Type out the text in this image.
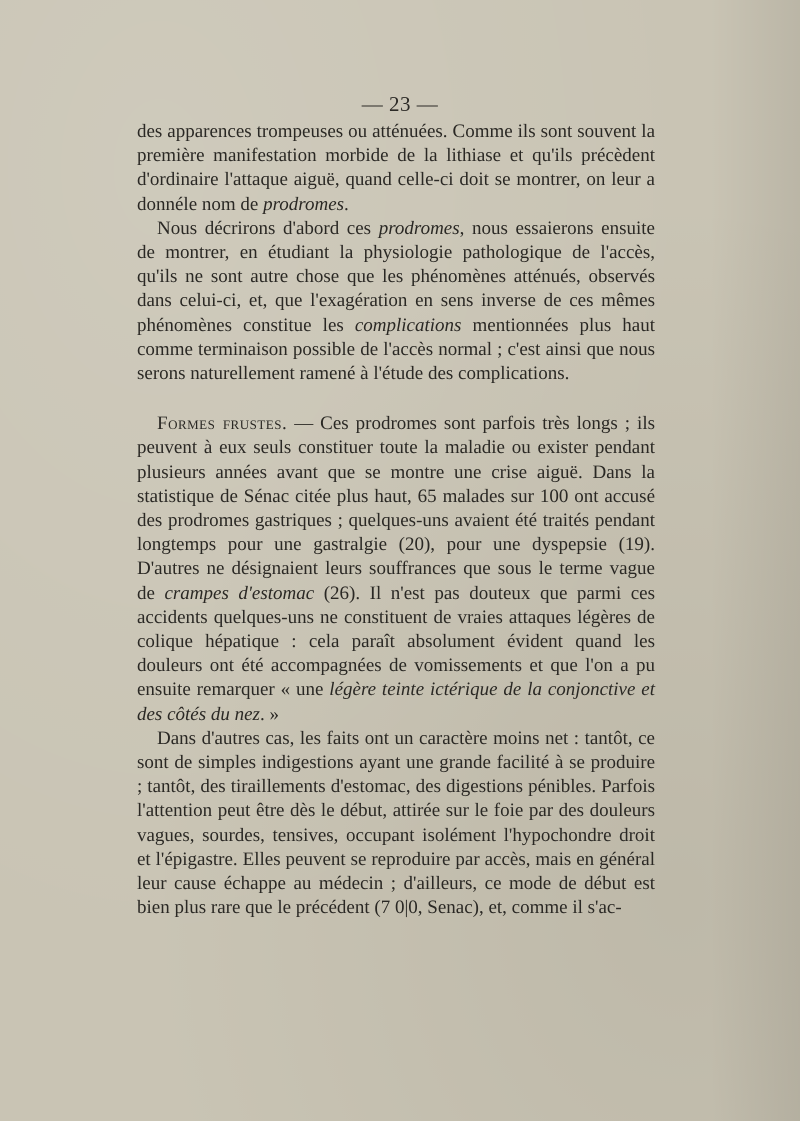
— 23 —

des apparences trompeuses ou atténuées. Comme ils sont souvent la première manifestation morbide de la lithiase et qu'ils précèdent d'ordinaire l'attaque aiguë, quand celle-ci doit se montrer, on leur a donnéle nom de prodromes.

Nous décrirons d'abord ces prodromes, nous essaierons ensuite de montrer, en étudiant la physiologie pathologique de l'accès, qu'ils ne sont autre chose que les phénomènes atténués, observés dans celui-ci, et, que l'exagération en sens inverse de ces mêmes phénomènes constitue les complications mentionnées plus haut comme terminaison possible de l'accès normal ; c'est ainsi que nous serons naturellement ramené à l'étude des complications.

Formes frustes. — Ces prodromes sont parfois très longs ; ils peuvent à eux seuls constituer toute la maladie ou exister pendant plusieurs années avant que se montre une crise aiguë. Dans la statistique de Sénac citée plus haut, 65 malades sur 100 ont accusé des prodromes gastriques ; quelques-uns avaient été traités pendant longtemps pour une gastralgie (20), pour une dyspepsie (19). D'autres ne désignaient leurs souffrances que sous le terme vague de crampes d'estomac (26). Il n'est pas douteux que parmi ces accidents quelques-uns ne constituent de vraies attaques légères de colique hépatique : cela paraît absolument évident quand les douleurs ont été accompagnées de vomissements et que l'on a pu ensuite remarquer « une légère teinte ictérique de la conjonctive et des côtés du nez. »

Dans d'autres cas, les faits ont un caractère moins net : tantôt, ce sont de simples indigestions ayant une grande facilité à se produire ; tantôt, des tiraillements d'estomac, des digestions pénibles. Parfois l'attention peut être dès le début, attirée sur le foie par des douleurs vagues, sourdes, tensives, occupant isolément l'hypochondre droit et l'épigastre. Elles peuvent se reproduire par accès, mais en général leur cause échappe au médecin ; d'ailleurs, ce mode de début est bien plus rare que le précédent (7 0|0, Senac), et, comme il s'ac-
